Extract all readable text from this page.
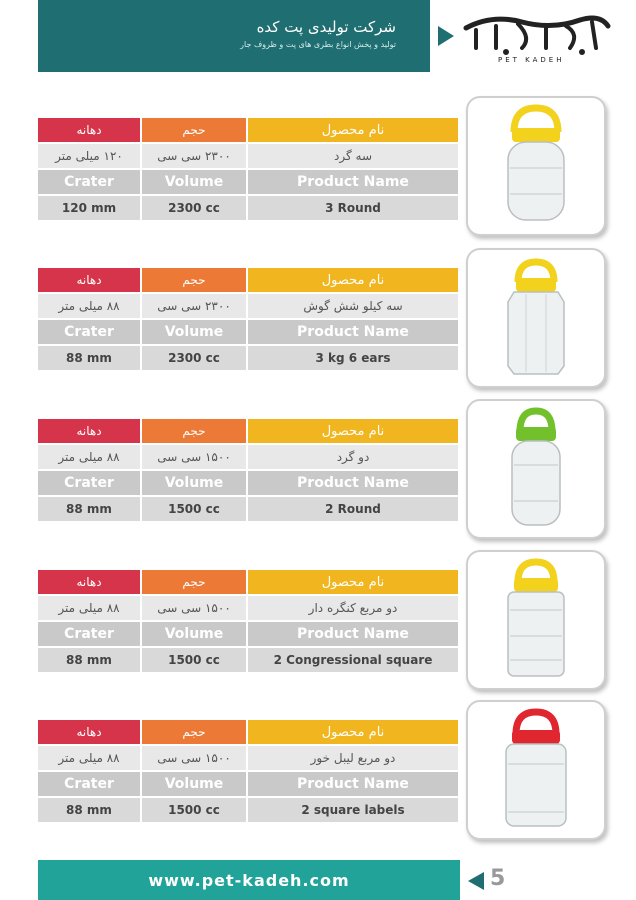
شرکت تولیدی پت کده
تولید و پخش انواع بطری های پت و ظروف جار
PET KADEH
دهانه	حجم	نام محصول
۱۲۰ میلی متر	۲۳۰۰ سی سی	سه گرد
Crater	Volume	Product Name
120 mm	2300 cc	3 Round
دهانه	حجم	نام محصول
۸۸ میلی متر	۲۳۰۰ سی سی	سه کیلو شش گوش
Crater	Volume	Product Name
88 mm	2300 cc	3 kg 6 ears
دهانه	حجم	نام محصول
۸۸ میلی متر	۱۵۰۰ سی سی	دو گرد
Crater	Volume	Product Name
88 mm	1500 cc	2 Round
دهانه	حجم	نام محصول
۸۸ میلی متر	۱۵۰۰ سی سی	دو مربع کنگره دار
Crater	Volume	Product Name
88 mm	1500 cc	2 Congressional square
دهانه	حجم	نام محصول
۸۸ میلی متر	۱۵۰۰ سی سی	دو مربع لیبل خور
Crater	Volume	Product Name
88 mm	1500 cc	2 square labels
www.pet-kadeh.com	5
